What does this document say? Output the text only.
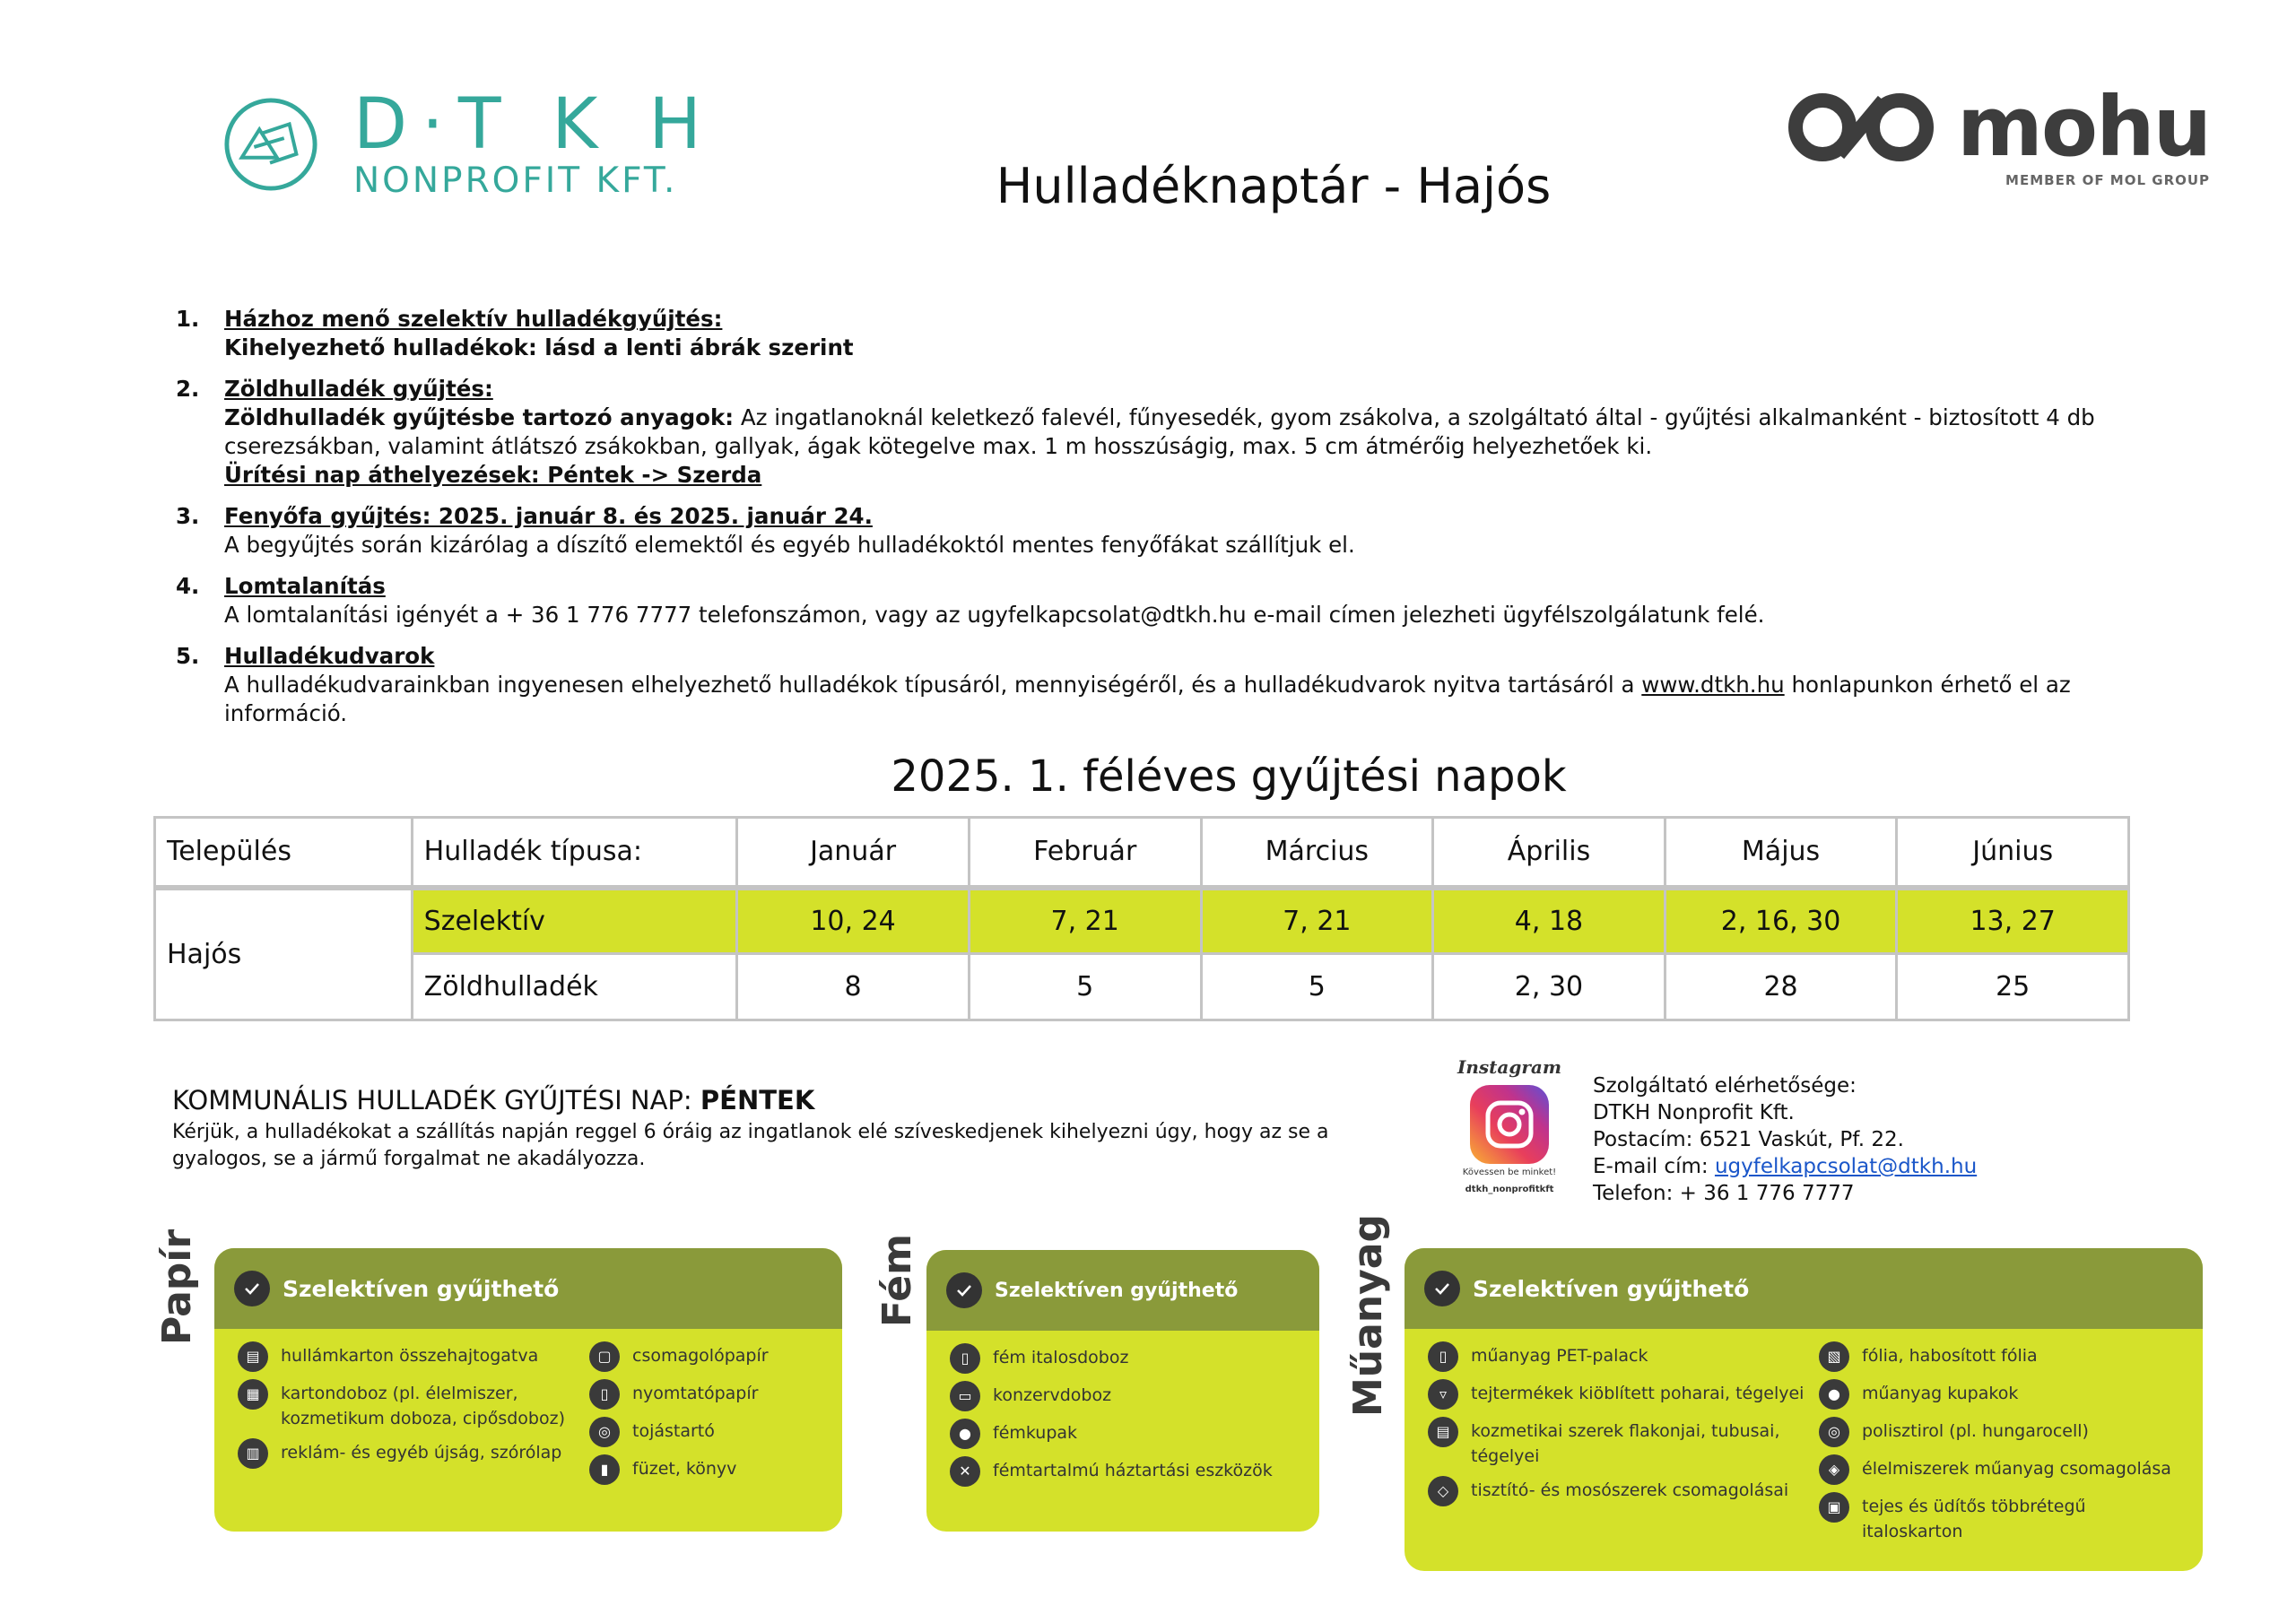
D·T K H
NONPROFIT KFT.
mohu
MEMBER OF MOL GROUP
Hulladéknaptár - Hajós
1.	Házhoz menő szelektív hulladékgyűjtés:
Kihelyezhető hulladékok: lásd a lenti ábrák szerint
2.	Zöldhulladék gyűjtés:
Zöldhulladék gyűjtésbe tartozó anyagok: Az ingatlanoknál keletkező falevél, fűnyesedék, gyom zsákolva, a szolgáltató által - gyűjtési alkalmanként - biztosított 4 db cserezsákban, valamint átlátszó zsákokban, gallyak, ágak kötegelve max. 1 m hosszúságig, max. 5 cm átmérőig helyezhetőek ki.
Ürítési nap áthelyezések: Péntek -> Szerda
3.	Fenyőfa gyűjtés: 2025. január 8. és 2025. január 24.
A begyűjtés során kizárólag a díszítő elemektől és egyéb hulladékoktól mentes fenyőfákat szállítjuk el.
4.	Lomtalanítás
A lomtalanítási igényét a + 36 1 776 7777 telefonszámon, vagy az ugyfelkapcsolat@dtkh.hu e-mail címen jelezheti ügyfélszolgálatunk felé.
5.	Hulladékudvarok
A hulladékudvarainkban ingyenesen elhelyezhető hulladékok típusáról, mennyiségéről, és a hulladékudvarok nyitva tartásáról a www.dtkh.hu honlapunkon érhető el az információ.
2025. 1. féléves gyűjtési napok
Település	Hulladék típusa:	Január	Február	Március	Április	Május	Június
Hajós	Szelektív	10, 24	7, 21	7, 21	4, 18	2, 16, 30	13, 27
	Zöldhulladék	8	5	5	2, 30	28	25
KOMMUNÁLIS HULLADÉK GYŰJTÉSI NAP: PÉNTEK
Kérjük, a hulladékokat a szállítás napján reggel 6 óráig az ingatlanok elé szíveskedjenek kihelyezni úgy, hogy az se a gyalogos, se a jármű forgalmat ne akadályozza.
Instagram
Kövessen be minket!
dtkh_nonprofitkft
Szolgáltató elérhetősége:
DTKH Nonprofit Kft.
Postacím: 6521 Vaskút, Pf. 22.
E-mail cím: ugyfelkapcsolat@dtkh.hu
Telefon: + 36 1 776 7777
Papír	Szelektíven gyűjthető
▤	hullámkarton összehajtogatva
▦	kartondoboz (pl. élelmiszer, kozmetikum doboza, cipősdoboz)
▥	reklám- és egyéb újság, szórólap
▢	csomagolópapír
▯	nyomtatópapír
◎	tojástartó
▮	füzet, könyv
Fém	Szelektíven gyűjthető
▯	fém italosdoboz
▭	konzervdoboz
●	fémkupak
✕	fémtartalmú háztartási eszközök
Műanyag	Szelektíven gyűjthető
▯	műanyag PET-palack
▿	tejtermékek kiöblített poharai, tégelyei
▤	kozmetikai szerek flakonjai, tubusai, tégelyei
◇	tisztító- és mosószerek csomagolásai
▧	fólia, habosított fólia
●	műanyag kupakok
◎	polisztirol (pl. hungarocell)
◈	élelmiszerek műanyag csomagolása
▣	tejes és üdítős többrétegű italoskarton
